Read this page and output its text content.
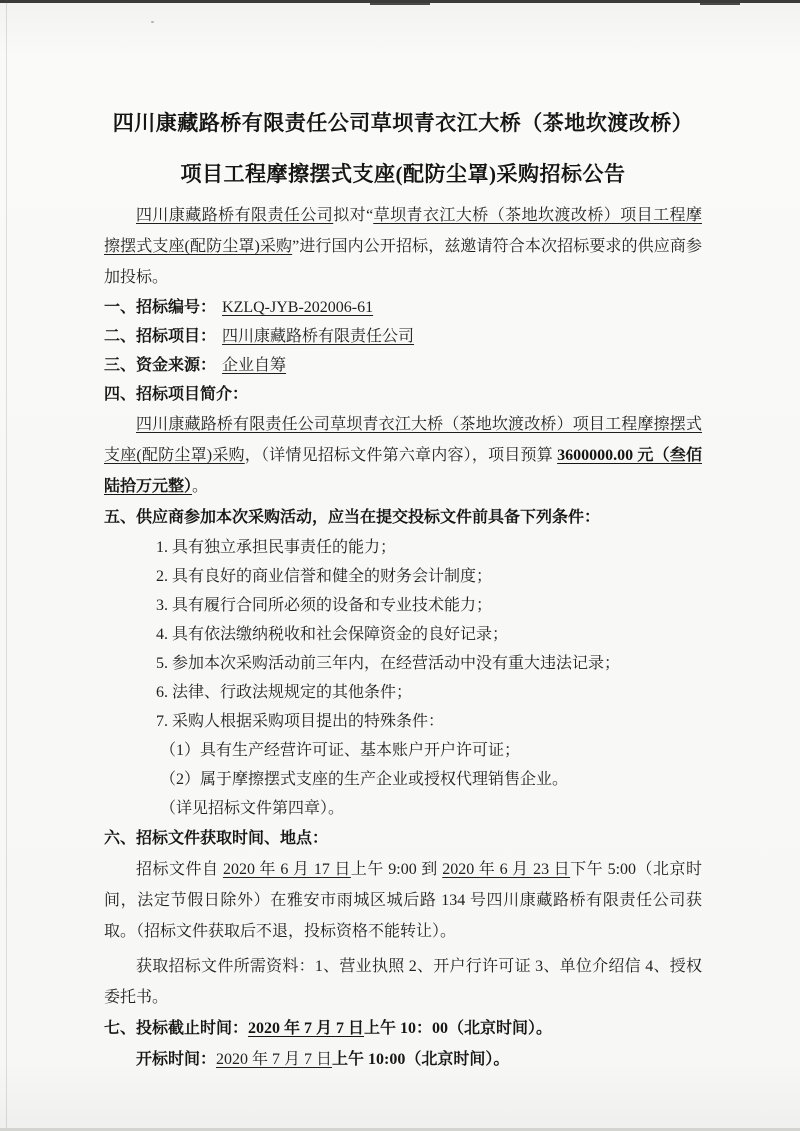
四川康藏路桥有限责任公司草坝青衣江大桥（茶地坎渡改桥）
项目工程摩擦摆式支座(配防尘罩)采购招标公告

四川康藏路桥有限责任公司拟对“草坝青衣江大桥（茶地坎渡改桥）项目工程摩擦摆式支座(配防尘罩)采购”进行国内公开招标，兹邀请符合本次招标要求的供应商参加投标。

一、招标编号： KZLQ-JYB-202006-61
二、招标项目： 四川康藏路桥有限责任公司
三、资金来源： 企业自筹
四、招标项目简介：

四川康藏路桥有限责任公司草坝青衣江大桥（茶地坎渡改桥）项目工程摩擦摆式支座(配防尘罩)采购，（详情见招标文件第六章内容），项目预算 3600000.00 元（叁佰陆拾万元整）。

五、供应商参加本次采购活动，应当在提交投标文件前具备下列条件：
1. 具有独立承担民事责任的能力；
2. 具有良好的商业信誉和健全的财务会计制度；
3. 具有履行合同所必须的设备和专业技术能力；
4. 具有依法缴纳税收和社会保障资金的良好记录；
5. 参加本次采购活动前三年内，在经营活动中没有重大违法记录；
6. 法律、行政法规规定的其他条件；
7. 采购人根据采购项目提出的特殊条件：
（1）具有生产经营许可证、基本账户开户许可证；
（2）属于摩擦摆式支座的生产企业或授权代理销售企业。
（详见招标文件第四章）。
六、招标文件获取时间、地点：

招标文件自 2020 年 6 月 17 日上午 9:00 到 2020 年 6 月 23 日下午 5:00（北京时间，法定节假日除外）在雅安市雨城区城后路 134 号四川康藏路桥有限责任公司获取。（招标文件获取后不退，投标资格不能转让）。

获取招标文件所需资料：1、营业执照 2、开户行许可证 3、单位介绍信 4、授权委托书。

七、投标截止时间：2020 年 7 月 7 日上午 10：00（北京时间）。
开标时间：2020 年 7 月 7 日上午 10:00（北京时间）。
